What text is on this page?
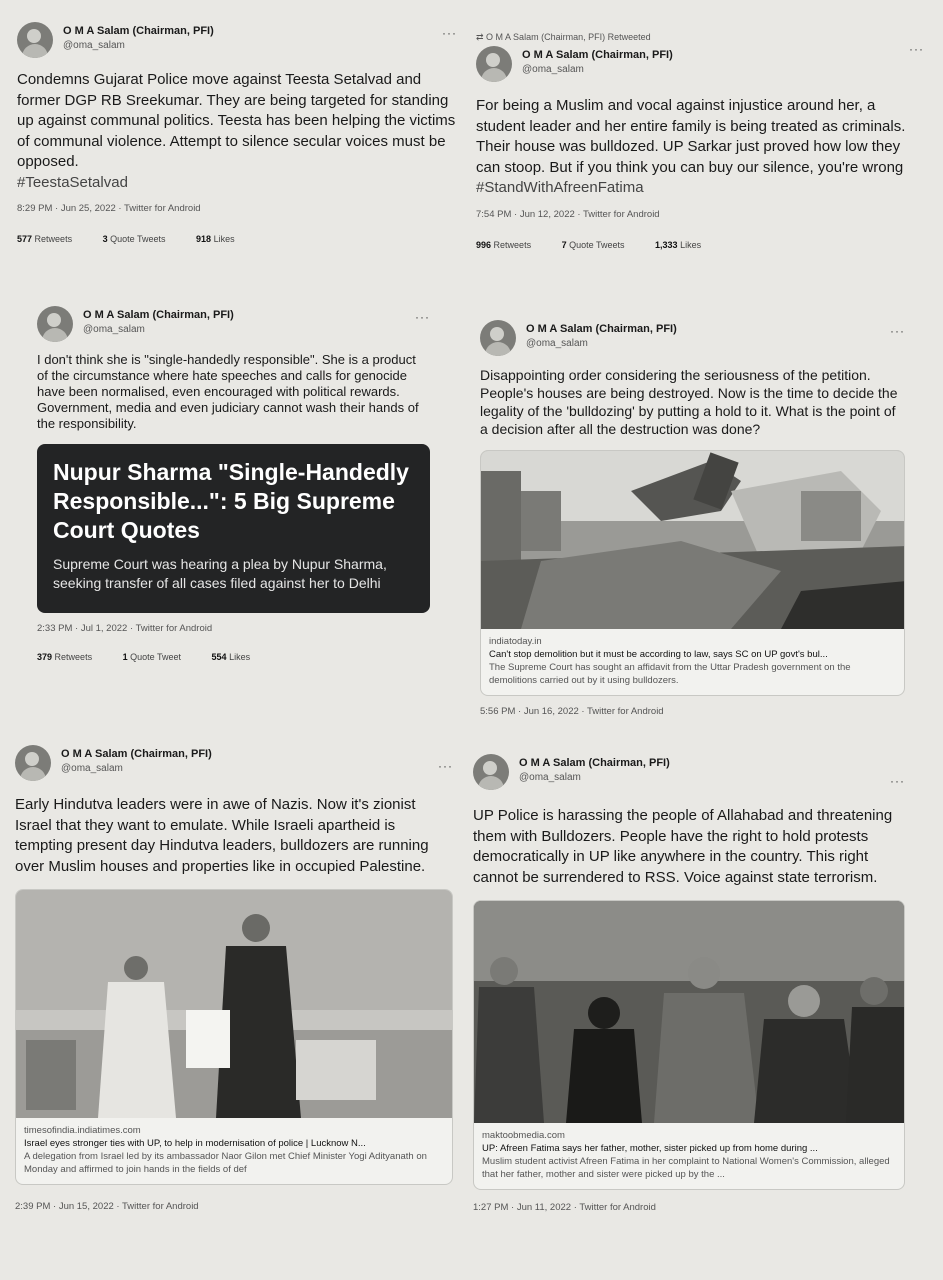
O M A Salam (Chairman, PFI)
@oma_salam
···
Condemns Gujarat Police move against Teesta Setalvad and former DGP RB Sreekumar. They are being targeted for standing up against communal politics. Teesta has been helping the victims of communal violence. Attempt to silence secular voices must be opposed.
#TeestaSetalvad
8:29 PM · Jun 25, 2022 · Twitter for Android
577 Retweets	3 Quote Tweets	918 Likes
⇄ O M A Salam (Chairman, PFI) Retweeted
O M A Salam (Chairman, PFI)
@oma_salam
···
For being a Muslim and vocal against injustice around her, a student leader and her entire family is being treated as criminals. Their house was bulldozed. UP Sarkar just proved how low they can stoop. But if you think you can buy our silence, you're wrong
#StandWithAfreenFatima
7:54 PM · Jun 12, 2022 · Twitter for Android
996 Retweets	7 Quote Tweets	1,333 Likes
O M A Salam (Chairman, PFI)
@oma_salam
···
I don't think she is "single-handedly responsible". She is a product of the circumstance where hate speeches and calls for genocide have been normalised, even encouraged with political rewards. Government, media and even judiciary cannot wash their hands of the responsibility.
Nupur Sharma "Single-Handedly Responsible...": 5 Big Supreme Court Quotes
Supreme Court was hearing a plea by Nupur Sharma, seeking transfer of all cases filed against her to Delhi
2:33 PM · Jul 1, 2022 · Twitter for Android
379 Retweets	1 Quote Tweet	554 Likes
O M A Salam (Chairman, PFI)
@oma_salam
···
Disappointing order considering the seriousness of the petition. People's houses are being destroyed. Now is the time to decide the legality of the 'bulldozing' by putting a hold to it. What is the point of a decision after all the destruction was done?
indiatoday.in
Can't stop demolition but it must be according to law, says SC on UP govt's bul...
The Supreme Court has sought an affidavit from the Uttar Pradesh government on the demolitions carried out by it using bulldozers.
5:56 PM · Jun 16, 2022 · Twitter for Android
O M A Salam (Chairman, PFI)
@oma_salam	···
Early Hindutva leaders were in awe of Nazis. Now it's zionist Israel that they want to emulate. While Israeli apartheid is tempting present day Hindutva leaders, bulldozers are running over Muslim houses and properties like in occupied Palestine.
timesofindia.indiatimes.com
Israel eyes stronger ties with UP, to help in modernisation of police | Lucknow N...
A delegation from Israel led by its ambassador Naor Gilon met Chief Minister Yogi Adityanath on Monday and affirmed to join hands in the fields of def
2:39 PM · Jun 15, 2022 · Twitter for Android
O M A Salam (Chairman, PFI)
@oma_salam	···
UP Police is harassing the people of Allahabad and threatening them with Bulldozers. People have the right to hold protests democratically in UP like anywhere in the country. This right cannot be surrendered to RSS. Voice against state terrorism.
maktoobmedia.com
UP: Afreen Fatima says her father, mother, sister picked up from home during ...
Muslim student activist Afreen Fatima in her complaint to National Women's Commission, alleged that her father, mother and sister were picked up by the ...
1:27 PM · Jun 11, 2022 · Twitter for Android
